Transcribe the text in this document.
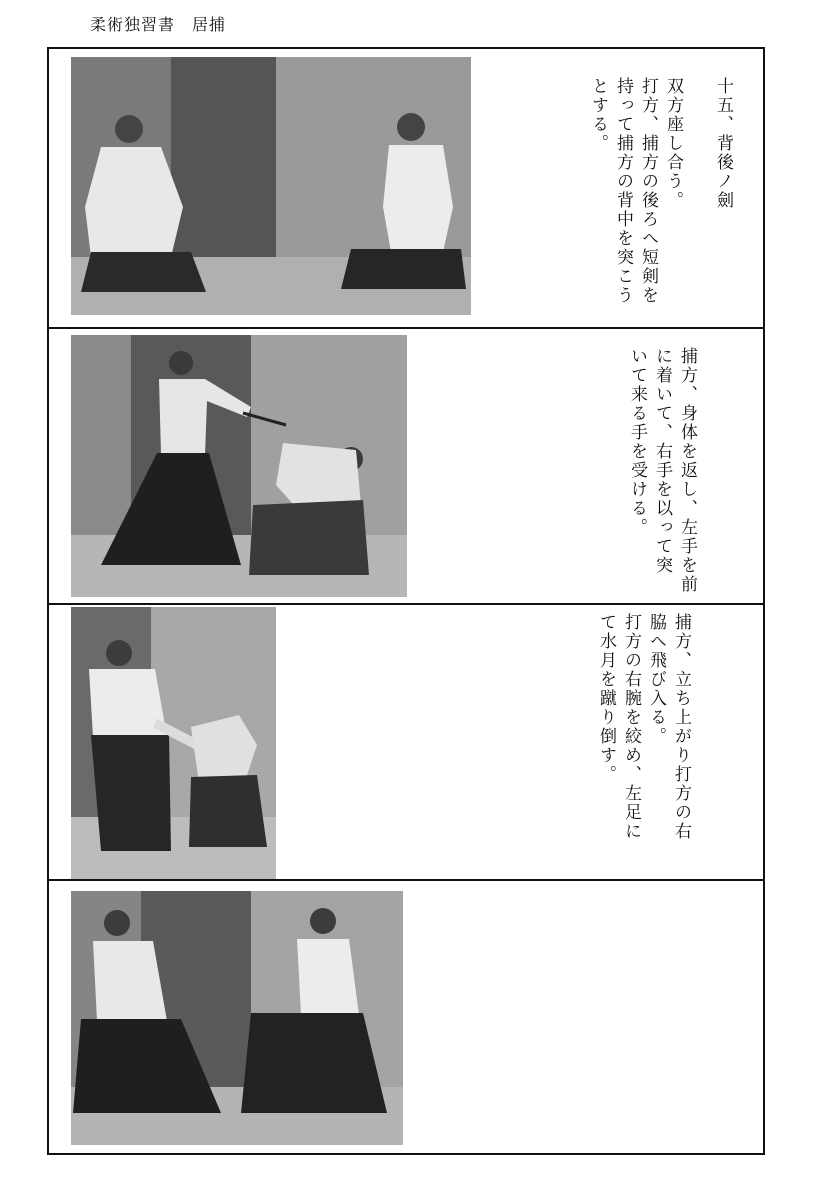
柔術独習書　居捕
十五、背後ノ劍

双方座し合う。
打方、捕方の後ろへ短剣を
持って捕方の背中を突こう
とする。
捕方、身体を返し、左手を前
に着いて、右手を以って突
いて来る手を受ける。
捕方、立ち上がり打方の右
脇へ飛び入る。
打方の右腕を絞め、左足に
て水月を蹴り倒す。
